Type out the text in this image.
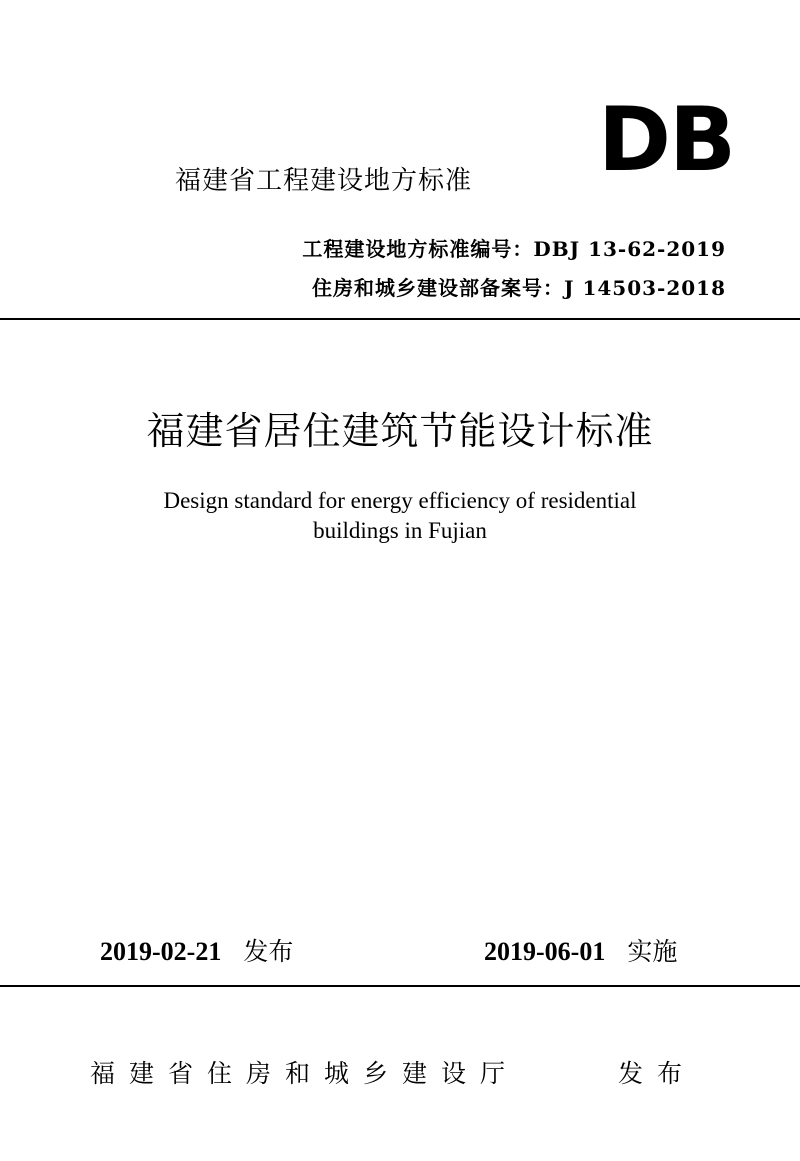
福建省工程建设地方标准 DB
工程建设地方标准编号：DBJ 13-62-2019
住房和城乡建设部备案号：J 14503-2018
福建省居住建筑节能设计标准
Design standard for energy efficiency of residential
buildings in Fujian
2019-02-21 发布	2019-06-01 实施
福建省住房和城乡建设厅	发布
